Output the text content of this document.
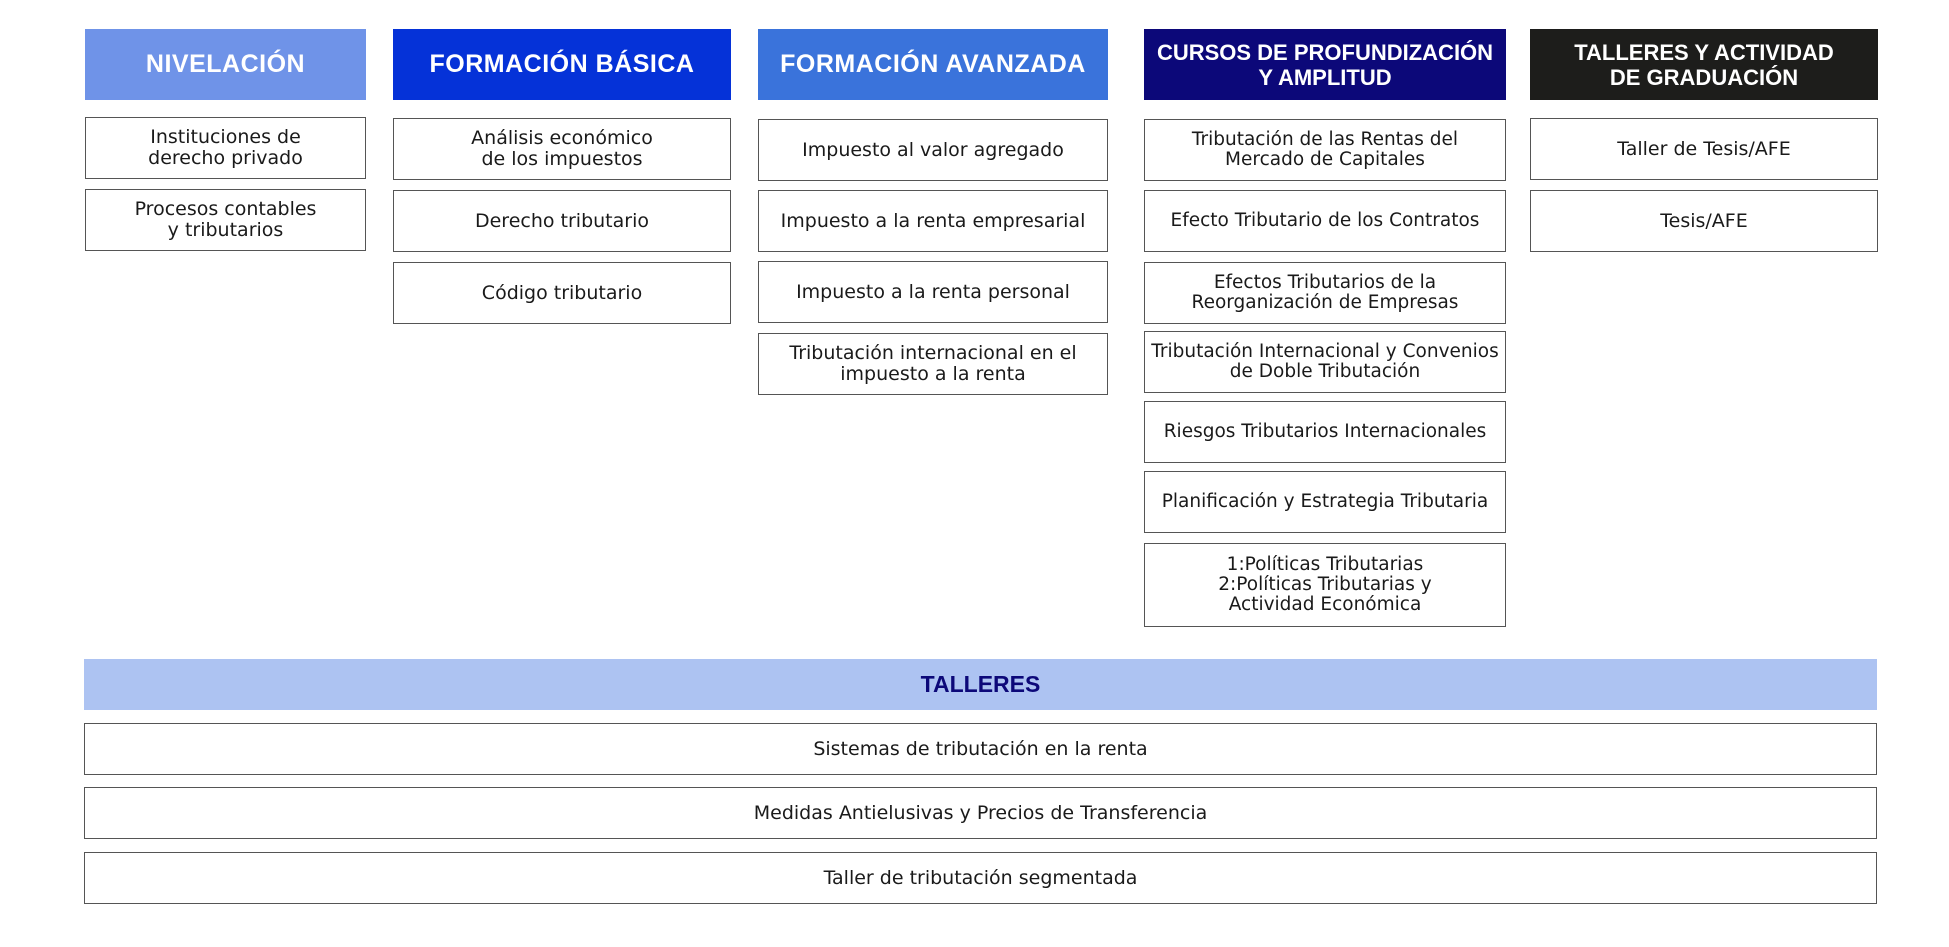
NIVELACIÓN
Instituciones de
derecho privado
Procesos contables
y tributarios
FORMACIÓN BÁSICA
Análisis económico
de los impuestos
Derecho tributario
Código tributario
FORMACIÓN AVANZADA
Impuesto al valor agregado
Impuesto a la renta empresarial
Impuesto a la renta personal
Tributación internacional en el
impuesto a la renta
CURSOS DE PROFUNDIZACIÓN
Y AMPLITUD
Tributación de las Rentas del
Mercado de Capitales
Efecto Tributario de los Contratos
Efectos Tributarios de la
Reorganización de Empresas
Tributación Internacional y Convenios
de Doble Tributación
Riesgos Tributarios Internacionales
Planificación y Estrategia Tributaria
1:Políticas Tributarias
2:Políticas Tributarias y
Actividad Económica
TALLERES Y ACTIVIDAD
DE GRADUACIÓN
Taller de Tesis/AFE
Tesis/AFE
TALLERES
Sistemas de tributación en la renta
Medidas Antielusivas y Precios de Transferencia
Taller de tributación segmentada
